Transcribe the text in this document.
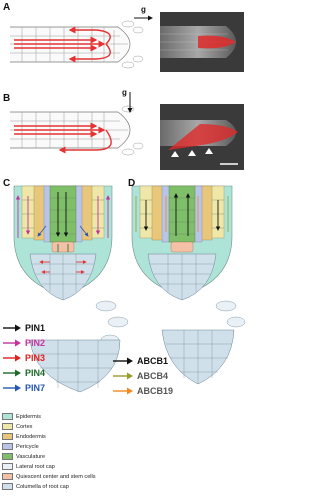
A	g
B
g
C	D
PIN1
PIN2
PIN3
PIN4
PIN7
ABCB1
ABCB4
ABCB19
Epidermis
Cortex
Endodermis
Pericycle
Vasculature
Lateral root cap
Quiescent center and stem cells
Columella of root cap
